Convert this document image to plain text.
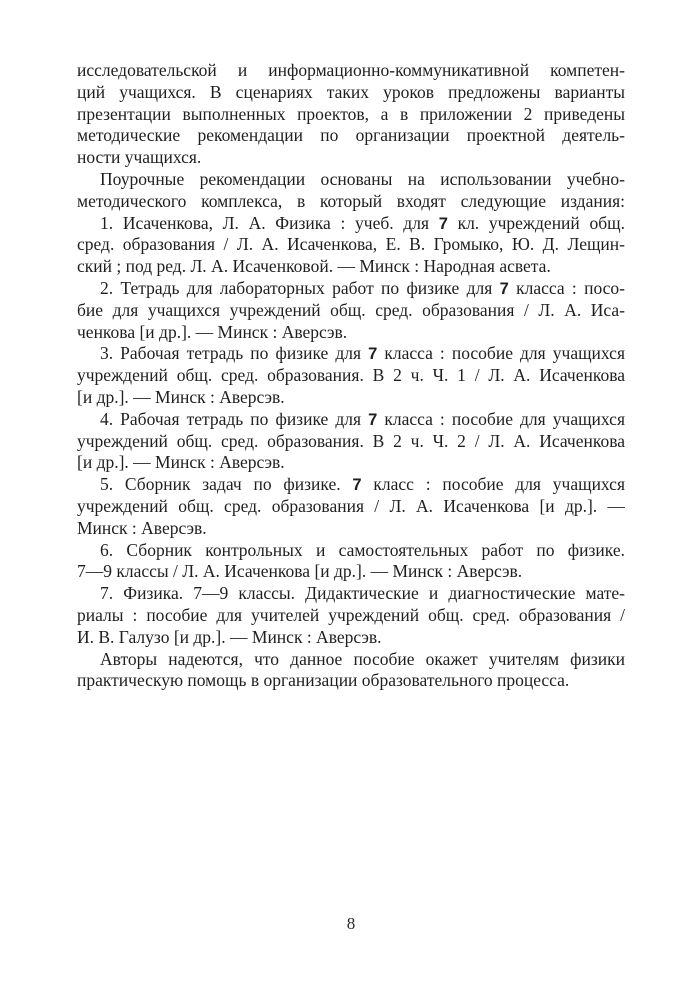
исследовательской и информационно-коммуникативной компетен-
ций учащихся. В сценариях таких уроков предложены варианты
презентации выполненных проектов, а в приложении 2 приведены
методические рекомендации по организации проектной деятель-
ности учащихся.
Поурочные рекомендации основаны на использовании учебно-
методического комплекса, в который входят следующие издания:
1. Исаченкова, Л. А. Физика : учеб. для 7 кл. учреждений общ.
сред. образования / Л. А. Исаченкова, Е. В. Громыко, Ю. Д. Лещин-
ский ; под ред. Л. А. Исаченковой. — Минск : Народная асвета.
2. Тетрадь для лабораторных работ по физике для 7 класса : посо-
бие для учащихся учреждений общ. сред. образования / Л. А. Иса-
ченкова [и др.]. — Минск : Аверсэв.
3. Рабочая тетрадь по физике для 7 класса : пособие для учащихся
учреждений общ. сред. образования. В 2 ч. Ч. 1 / Л. А. Исаченкова
[и др.]. — Минск : Аверсэв.
4. Рабочая тетрадь по физике для 7 класса : пособие для учащихся
учреждений общ. сред. образования. В 2 ч. Ч. 2 / Л. А. Исаченкова
[и др.]. — Минск : Аверсэв.
5. Сборник задач по физике. 7 класс : пособие для учащихся
учреждений общ. сред. образования / Л. А. Исаченкова [и др.]. —
Минск : Аверсэв.
6. Сборник контрольных и самостоятельных работ по физике.
7—9 классы / Л. А. Исаченкова [и др.]. — Минск : Аверсэв.
7. Физика. 7—9 классы. Дидактические и диагностические мате-
риалы : пособие для учителей учреждений общ. сред. образования /
И. В. Галузо [и др.]. — Минск : Аверсэв.
Авторы надеются, что данное пособие окажет учителям физики
практическую помощь в организации образовательного процесса.
8
